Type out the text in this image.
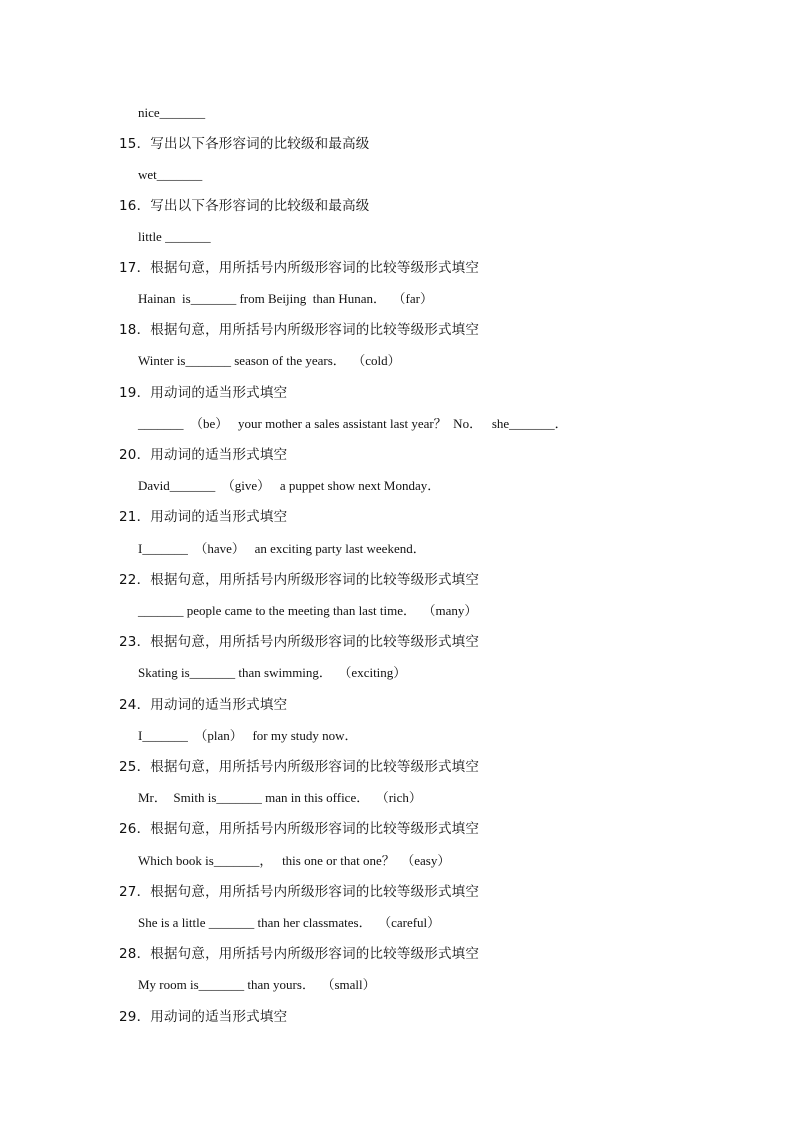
nice_______
15．写出以下各形容词的比较级和最高级
wet_______
16．写出以下各形容词的比较级和最高级
little _______
17．根据句意，用所括号内所级形容词的比较等级形式填空
Hainan  is_______ from Beijing  than Hunan．  （far）
18．根据句意，用所括号内所级形容词的比较等级形式填空
Winter is_______ season of the years．  （cold）
19．用动词的适当形式填空
_______  （be）   your mother a sales assistant last year？  No．   she_______．
20．用动词的适当形式填空
David_______  （give）   a puppet show next Monday．
21．用动词的适当形式填空
I_______  （have）   an exciting party last weekend．
22．根据句意，用所括号内所级形容词的比较等级形式填空
_______ people came to the meeting than last time．  （many）
23．根据句意，用所括号内所级形容词的比较等级形式填空
Skating is_______ than swimming．  （exciting）
24．用动词的适当形式填空
I_______  （plan）   for my study now．
25．根据句意，用所括号内所级形容词的比较等级形式填空
Mr．  Smith is_______ man in this office．  （rich）
26．根据句意，用所括号内所级形容词的比较等级形式填空
Which book is_______，   this one or that one？  （easy）
27．根据句意，用所括号内所级形容词的比较等级形式填空
She is a little _______ than her classmates．  （careful）
28．根据句意，用所括号内所级形容词的比较等级形式填空
My room is_______ than yours．  （small）
29．用动词的适当形式填空
